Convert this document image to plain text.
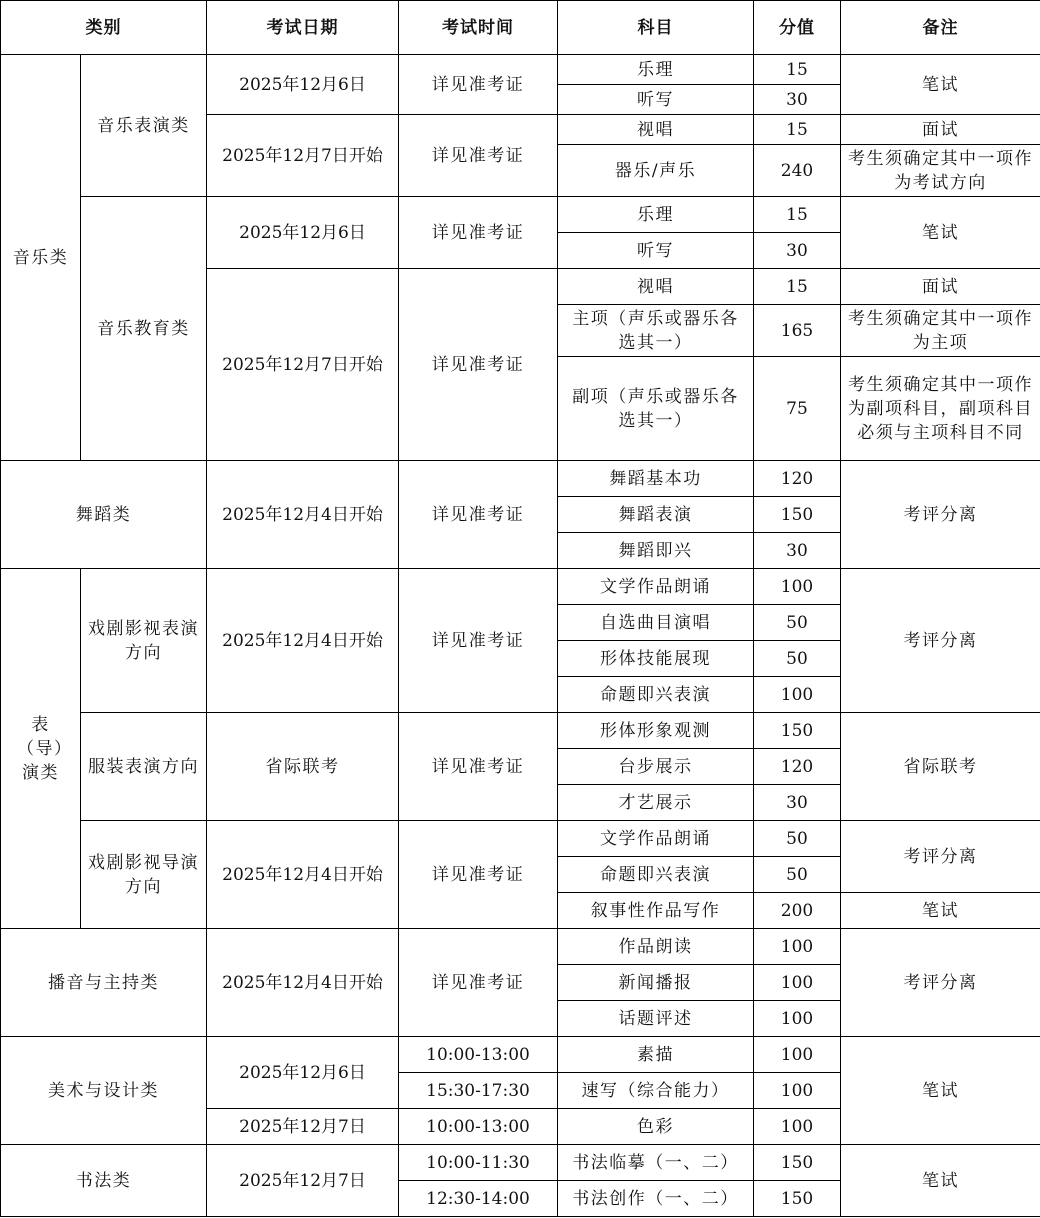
类别		考试日期	考试时间	科目	分值	备注
音乐类	音乐表演类	2025年12月6日	详见准考证	乐理	15	笔试
				听写	30	
		2025年12月7日开始	详见准考证	视唱	15	面试
				器乐/声乐	240	考生须确定其中一项作为考试方向
	音乐教育类	2025年12月6日	详见准考证	乐理	15	笔试
				听写	30	
		2025年12月7日开始	详见准考证	视唱	15	面试
				主项（声乐或器乐各选其一）	165	考生须确定其中一项作为主项
				副项（声乐或器乐各选其一）	75	考生须确定其中一项作为副项科目，副项科目必须与主项科目不同

舞蹈类		2025年12月4日开始	详见准考证	舞蹈基本功	120	考评分离
				舞蹈表演	150	
				舞蹈即兴	30	
表（导）演类	戏剧影视表演方向	2025年12月4日开始	详见准考证	文学作品朗诵	100	考评分离
				自选曲目演唱	50	
				形体技能展现	50	
				命题即兴表演	100	
	服装表演方向	省际联考	详见准考证	形体形象观测	150	省际联考
				台步展示	120	
				才艺展示	30	
	戏剧影视导演方向	2025年12月4日开始	详见准考证	文学作品朗诵	50	考评分离
				命题即兴表演	50	
				叙事性作品写作	200	笔试
播音与主持类		2025年12月4日开始	详见准考证	作品朗读	100	考评分离
				新闻播报	100	
				话题评述	100	
美术与设计类		2025年12月6日	10:00-13:00	素描	100	笔试
			15:30-17:30	速写（综合能力）	100	
		2025年12月7日	10:00-13:00	色彩	100	
书法类		2025年12月7日	10:00-11:30	书法临摹（一、二）	150	笔试
			12:30-14:00	书法创作（一、二）	150	
